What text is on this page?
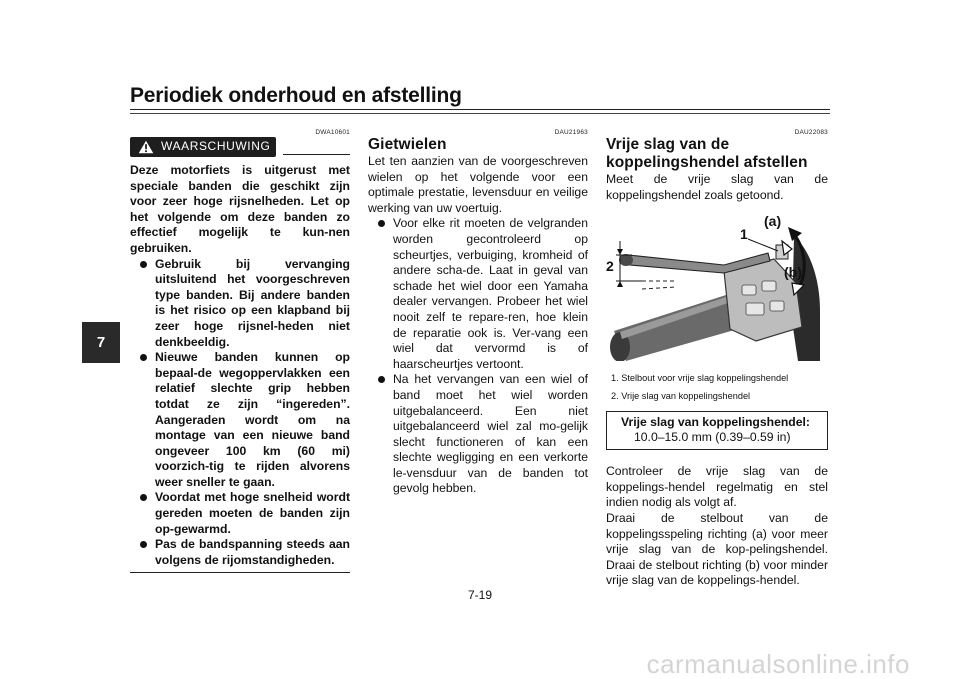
Periodiek onderhoud en afstelling
7
DWA10601
WAARSCHUWING
Deze motorfiets is uitgerust met speciale banden die geschikt zijn voor zeer hoge rijsnelheden. Let op het volgende om deze banden zo effectief mogelijk te kun-nen gebruiken.
Gebruik bij vervanging uitsluitend het voorgeschreven type banden. Bij andere banden is het risico op een klapband bij zeer hoge rijsnel-heden niet denkbeeldig.
Nieuwe banden kunnen op bepaal-de wegoppervlakken een relatief slechte grip hebben totdat ze zijn “ingereden”. Aangeraden wordt om na montage van een nieuwe band ongeveer 100 km (60 mi) voorzich-tig te rijden alvorens weer sneller te gaan.
Voordat met hoge snelheid wordt gereden moeten de banden zijn op-gewarmd.
Pas de bandspanning steeds aan volgens de rijomstandigheden.
DAU21963
Gietwielen
Let ten aanzien van de voorgeschreven wielen op het volgende voor een optimale prestatie, levensduur en veilige werking van uw voertuig.
Voor elke rit moeten de velgranden worden gecontroleerd op scheurtjes, verbuiging, kromheid of andere scha-de. Laat in geval van schade het wiel door een Yamaha dealer vervangen. Probeer het wiel nooit zelf te repare-ren, hoe klein de reparatie ook is. Ver-vang een wiel dat vervormd is of haarscheurtjes vertoont.
Na het vervangen van een wiel of band moet het wiel worden uitgebalanceerd. Een niet uitgebalanceerd wiel zal mo-gelijk slecht functioneren of kan een slechte wegligging en een verkorte le-vensduur van de banden tot gevolg hebben.
DAU22083
Vrije slag van de
koppelingshendel afstellen
Meet de vrije slag van de koppelingshendel zoals getoond.
1
2
(a)
(b)
1. Stelbout voor vrije slag koppelingshendel
2. Vrije slag van koppelingshendel
Vrije slag van koppelingshendel:
10.0–15.0 mm (0.39–0.59 in)
Controleer de vrije slag van de koppelings-hendel regelmatig en stel indien nodig als volgt af.
Draai de stelbout van de koppelingsspeling richting (a) voor meer vrije slag van de kop-pelingshendel. Draai de stelbout richting (b) voor minder vrije slag van de koppelings-hendel.
7-19
carmanualsonline.info
